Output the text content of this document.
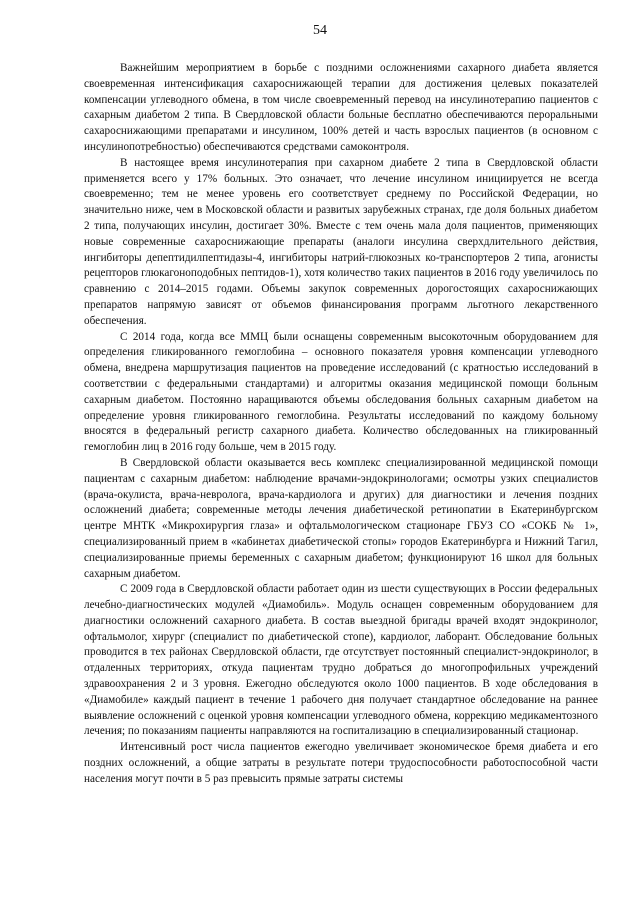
54

Важнейшим мероприятием в борьбе с поздними осложнениями сахарного диабета является своевременная интенсификация сахароснижающей терапии для достижения целевых показателей компенсации углеводного обмена, в том числе своевременный перевод на инсулинотерапию пациентов с сахарным диабетом 2 типа. В Свердловской области больные бесплатно обеспечиваются пероральными сахароснижающими препаратами и инсулином, 100% детей и часть взрослых пациентов (в основном с инсулинопотребностью) обеспечиваются средствами самоконтроля.

В настоящее время инсулинотерапия при сахарном диабете 2 типа в Свердловской области применяется всего у 17% больных. Это означает, что лечение инсулином инициируется не всегда своевременно; тем не менее уровень его соответствует среднему по Российской Федерации, но значительно ниже, чем в Московской области и развитых зарубежных странах, где доля больных диабетом 2 типа, получающих инсулин, достигает 30%. Вместе с тем очень мала доля пациентов, применяющих новые современные сахароснижающие препараты (аналоги инсулина сверхдлительного действия, ингибиторы депептидилпептидазы-4, ингибиторы натрий-глюкозных ко-транспортеров 2 типа, агонисты рецепторов глюкагоноподобных пептидов-1), хотя количество таких пациентов в 2016 году увеличилось по сравнению с 2014–2015 годами. Объемы закупок современных дорогостоящих сахароснижающих препаратов напрямую зависят от объемов финансирования программ льготного лекарственного обеспечения.

С 2014 года, когда все ММЦ были оснащены современным высокоточным оборудованием для определения гликированного гемоглобина – основного показателя уровня компенсации углеводного обмена, внедрена маршрутизация пациентов на проведение исследований (с кратностью исследований в соответствии с федеральными стандартами) и алгоритмы оказания медицинской помощи больным сахарным диабетом. Постоянно наращиваются объемы обследования больных сахарным диабетом на определение уровня гликированного гемоглобина. Результаты исследований по каждому больному вносятся в федеральный регистр сахарного диабета. Количество обследованных на гликированный гемоглобин лиц в 2016 году больше, чем в 2015 году.

В Свердловской области оказывается весь комплекс специализированной медицинской помощи пациентам с сахарным диабетом: наблюдение врачами-эндокринологами; осмотры узких специалистов (врача-окулиста, врача-невролога, врача-кардиолога и других) для диагностики и лечения поздних осложнений диабета; современные методы лечения диабетической ретинопатии в Екатеринбургском центре МНТК «Микрохирургия глаза» и офтальмологическом стационаре ГБУЗ СО «СОКБ № 1», специализированный прием в «кабинетах диабетической стопы» городов Екатеринбурга и Нижний Тагил, специализированные приемы беременных с сахарным диабетом; функционируют 16 школ для больных сахарным диабетом.

С 2009 года в Свердловской области работает один из шести существующих в России федеральных лечебно-диагностических модулей «Диамобиль». Модуль оснащен современным оборудованием для диагностики осложнений сахарного диабета. В состав выездной бригады врачей входят эндокринолог, офтальмолог, хирург (специалист по диабетической стопе), кардиолог, лаборант. Обследование больных проводится в тех районах Свердловской области, где отсутствует постоянный специалист-эндокринолог, в отдаленных территориях, откуда пациентам трудно добраться до многопрофильных учреждений здравоохранения 2 и 3 уровня. Ежегодно обследуются около 1000 пациентов. В ходе обследования в «Диамобиле» каждый пациент в течение 1 рабочего дня получает стандартное обследование на раннее выявление осложнений с оценкой уровня компенсации углеводного обмена, коррекцию медикаментозного лечения; по показаниям пациенты направляются на госпитализацию в специализированный стационар.

Интенсивный рост числа пациентов ежегодно увеличивает экономическое бремя диабета и его поздних осложнений, а общие затраты в результате потери трудоспособности работоспособной части населения могут почти в 5 раз превысить прямые затраты системы
